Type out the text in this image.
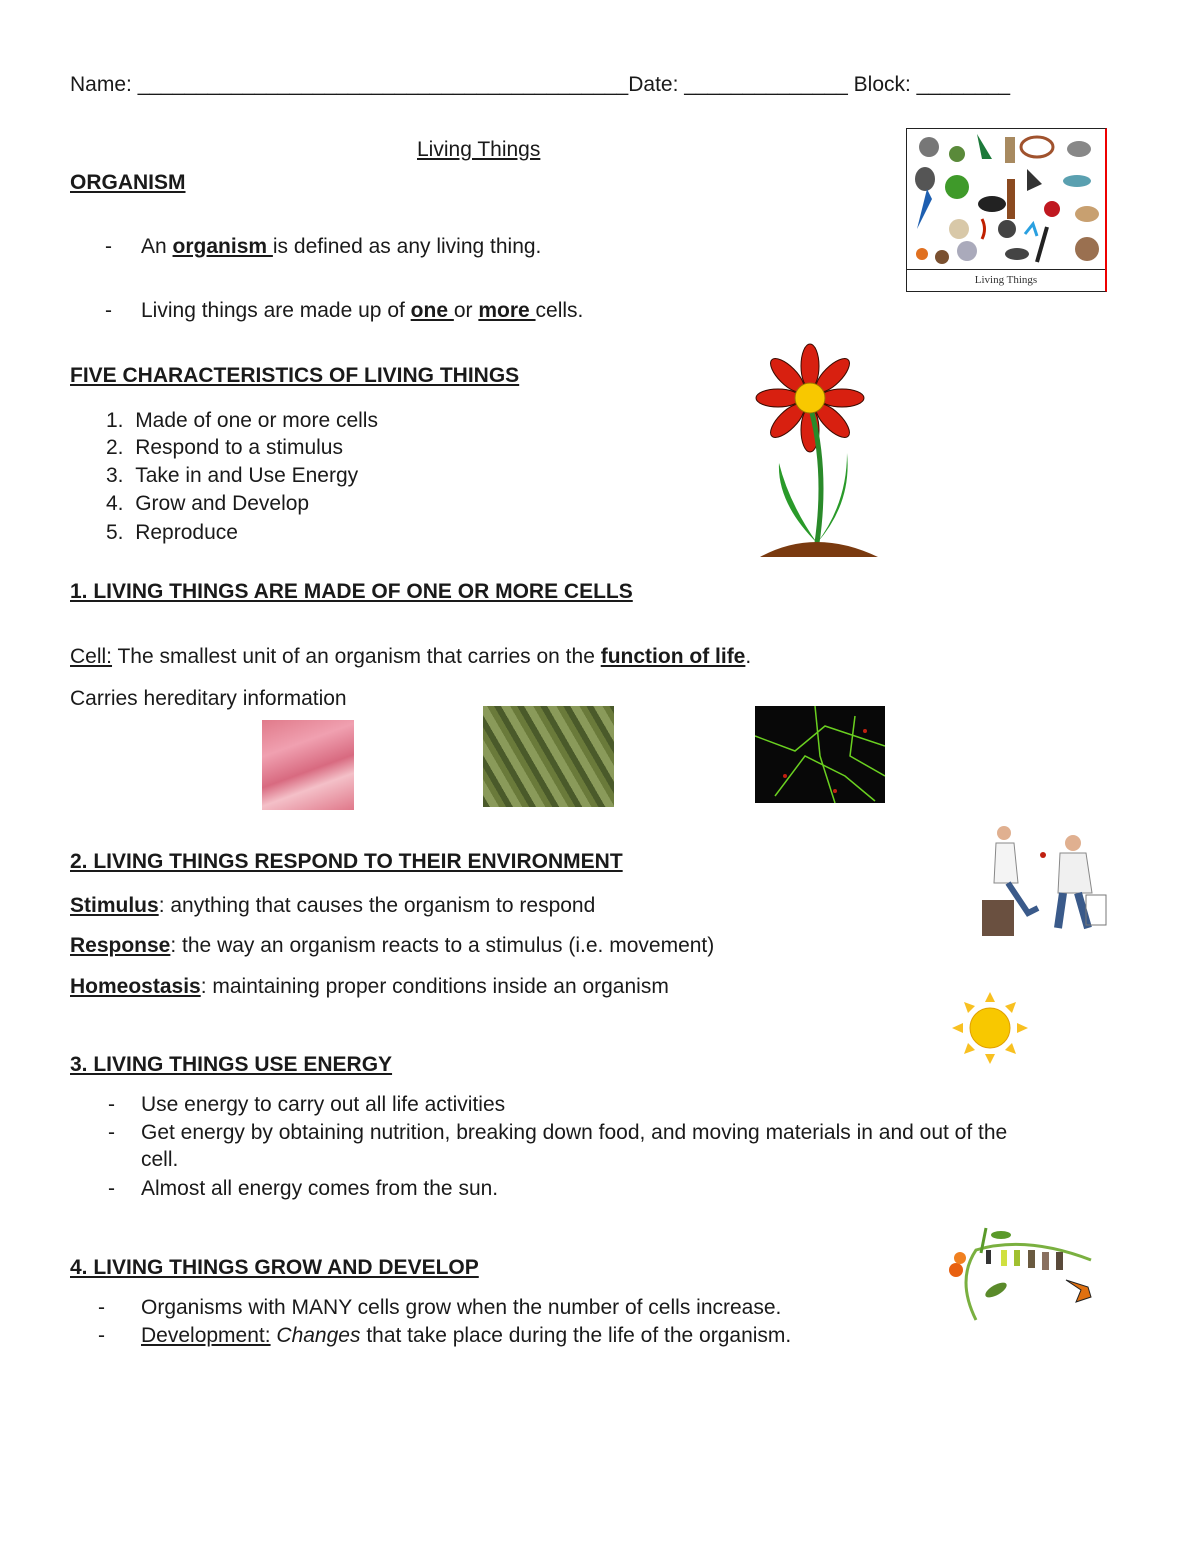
Name: __________________________________________Date: ______________ Block: ________
Living Things
ORGANISM
- An organism is defined as any living thing.
- Living things are made up of one or more cells.
Living Things
FIVE CHARACTERISTICS OF LIVING THINGS
1.  Made of one or more cells
2.  Respond to a stimulus
3.  Take in and Use Energy
4.  Grow and Develop
5.  Reproduce
1. LIVING THINGS ARE MADE OF ONE OR MORE CELLS
Cell: The smallest unit of an organism that carries on the function of life.
Carries hereditary information
2. LIVING THINGS RESPOND TO THEIR ENVIRONMENT
Stimulus: anything that causes the organism to respond
Response: the way an organism reacts to a stimulus (i.e. movement)
Homeostasis: maintaining proper conditions inside an organism
3. LIVING THINGS USE ENERGY
- Use energy to carry out all life activities
- Get energy by obtaining nutrition, breaking down food, and moving materials in and out of the
cell.
- Almost all energy comes from the sun.
4. LIVING THINGS GROW AND DEVELOP
- Organisms with MANY cells grow when the number of cells increase.
- Development: Changes that take place during the life of the organism.
